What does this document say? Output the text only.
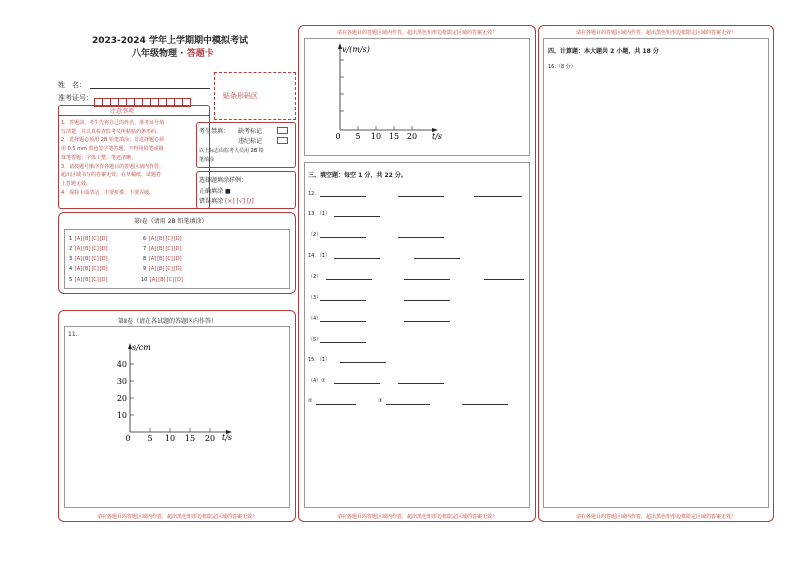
2023-2024 学年上学期期中模拟考试
八年级物理 · 答题卡
姓　名：
准考证号：	贴条形码区
注意事项
1．答题前，考生先将自己的姓名，准考证号填
写清楚，并认真检查监考员所粘贴的条形码。
2．选择题必须用 2B 铅笔填涂；非选择题必须
用 0.5 mm 黑色签字笔答题，不得用铅笔或圆
珠笔答题；字体工整、笔迹清晰。
3．请按题号顺序在各题目的答题区域内作答，
超出区域书写的答案无效；在草稿纸、试题卷
上答题无效。
4．保持卡面清洁，不要折叠、不要弄破。
考生禁填： 缺考标记
违纪标记
以上标志由监考人员用 2B 铅
笔填涂
选择题填涂样例：
正确填涂 ■
错误填涂 [×] [√] [/]
第Ⅰ卷（请用 2B 铅笔填涂）
1 [A][B][C][D]
2 [A][B][C][D]
3 [A][B][C][D]
4 [A][B][C][D]
5 [A][B][C][D]
6 [A][B][C][D]
7 [A][B][C][D]
8 [A][B][C][D]
9 [A][B][C][D]
10 [A][B][C][D]
第Ⅱ卷（请在各试题的答题区内作答）
11.
s/cm
10
20
30
40
0 5 10 15 20 t/s
请在各题目的答题区域内作答，超出黑色矩形边框限定区域的答案无效！
请在各题目的答题区域内作答，超出黑色矩形边框限定区域的答案无效！
v/(m/s)
0 5 10 15 20 t/s
三、填空题：每空 1 分，共 22 分。
12．
13．（1）
（2）
14．（1）
（2）
（3）
（4）
（5）
15．（1）
（4）①
②	③
请在各题目的答题区域内作答，超出黑色矩形边框限定区域的答案无效！
请在各题目的答题区域内作答，超出黑色矩形边框限定区域的答案无效！
四、计算题：本大题共 2 小题，共 18 分
16.（8 分）
请在各题目的答题区域内作答，超出黑色矩形边框限定区域的答案无效！
